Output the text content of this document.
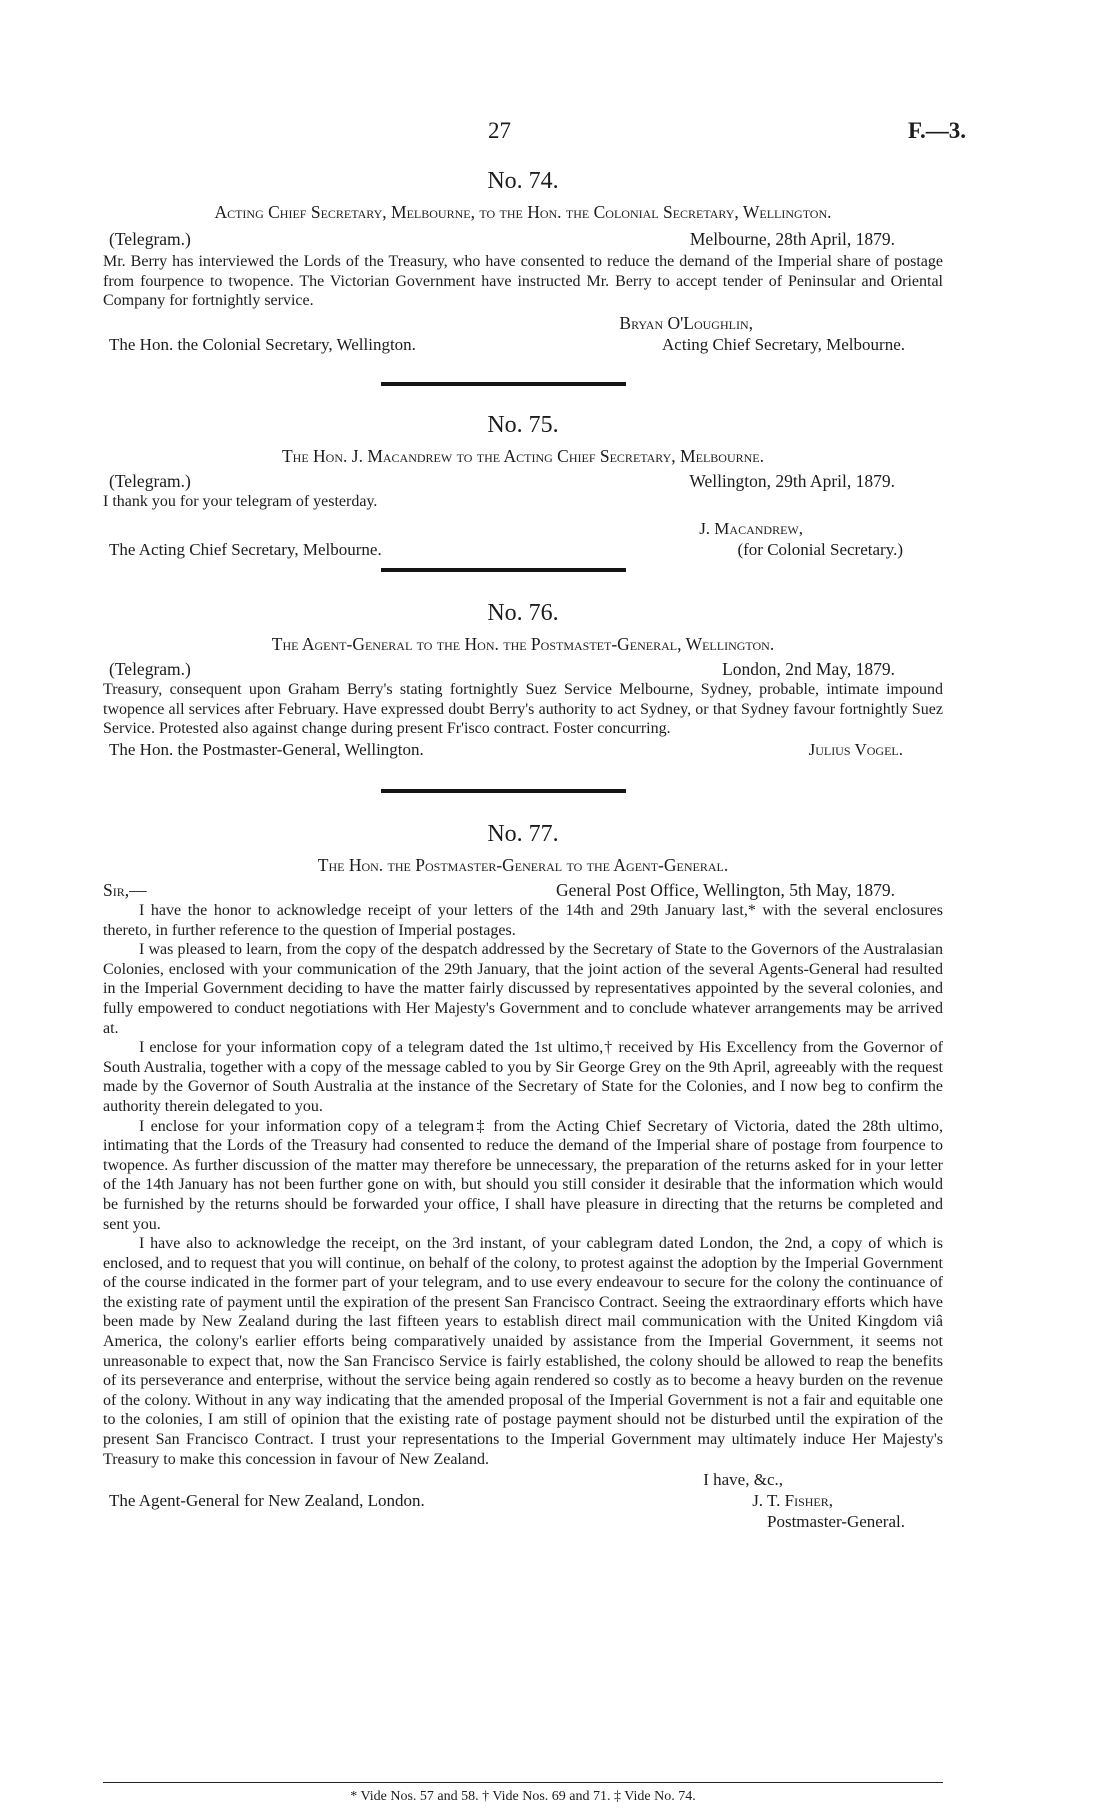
27	F.—3.
No. 74.
Acting Chief Secretary, Melbourne, to the Hon. the Colonial Secretary, Wellington.
(Telegram.)	Melbourne, 28th April, 1879.

Mr. Berry has interviewed the Lords of the Treasury, who have consented to reduce the demand of the Imperial share of postage from fourpence to twopence. The Victorian Government have instructed Mr. Berry to accept tender of Peninsular and Oriental Company for fortnightly service.

Bryan O'Loughlin,
The Hon. the Colonial Secretary, Wellington.	Acting Chief Secretary, Melbourne.
No. 75.
The Hon. J. Macandrew to the Acting Chief Secretary, Melbourne.
(Telegram.)	Wellington, 29th April, 1879.

I thank you for your telegram of yesterday.

J. Macandrew,
The Acting Chief Secretary, Melbourne.	(for Colonial Secretary.)
No. 76.
The Agent-General to the Hon. the Postmastet-General, Wellington.
(Telegram.)	London, 2nd May, 1879.

Treasury, consequent upon Graham Berry's stating fortnightly Suez Service Melbourne, Sydney, probable, intimate impound twopence all services after February. Have expressed doubt Berry's authority to act Sydney, or that Sydney favour fortnightly Suez Service. Protested also against change during present Fr'isco contract. Foster concurring.

The Hon. the Postmaster-General, Wellington.	Julius Vogel.
No. 77.
The Hon. the Postmaster-General to the Agent-General.
Sir,—	General Post Office, Wellington, 5th May, 1879.

I have the honor to acknowledge receipt of your letters of the 14th and 29th January last,* with the several enclosures thereto, in further reference to the question of Imperial postages.

I was pleased to learn, from the copy of the despatch addressed by the Secretary of State to the Governors of the Australasian Colonies, enclosed with your communication of the 29th January, that the joint action of the several Agents-General had resulted in the Imperial Government deciding to have the matter fairly discussed by representatives appointed by the several colonies, and fully empowered to conduct negotiations with Her Majesty's Government and to conclude whatever arrangements may be arrived at.

I enclose for your information copy of a telegram dated the 1st ultimo,† received by His Excellency from the Governor of South Australia, together with a copy of the message cabled to you by Sir George Grey on the 9th April, agreeably with the request made by the Governor of South Australia at the instance of the Secretary of State for the Colonies, and I now beg to confirm the authority therein delegated to you.

I enclose for your information copy of a telegram‡ from the Acting Chief Secretary of Victoria, dated the 28th ultimo, intimating that the Lords of the Treasury had consented to reduce the demand of the Imperial share of postage from fourpence to twopence. As further discussion of the matter may therefore be unnecessary, the preparation of the returns asked for in your letter of the 14th January has not been further gone on with, but should you still consider it desirable that the information which would be furnished by the returns should be forwarded your office, I shall have pleasure in directing that the returns be completed and sent you.

I have also to acknowledge the receipt, on the 3rd instant, of your cablegram dated London, the 2nd, a copy of which is enclosed, and to request that you will continue, on behalf of the colony, to protest against the adoption by the Imperial Government of the course indicated in the former part of your telegram, and to use every endeavour to secure for the colony the continuance of the existing rate of payment until the expiration of the present San Francisco Contract. Seeing the extraordinary efforts which have been made by New Zealand during the last fifteen years to establish direct mail communication with the United Kingdom viâ America, the colony's earlier efforts being comparatively unaided by assistance from the Imperial Government, it seems not unreasonable to expect that, now the San Francisco Service is fairly established, the colony should be allowed to reap the benefits of its perseverance and enterprise, without the service being again rendered so costly as to become a heavy burden on the revenue of the colony. Without in any way indicating that the amended proposal of the Imperial Government is not a fair and equitable one to the colonies, I am still of opinion that the existing rate of postage payment should not be disturbed until the expiration of the present San Francisco Contract. I trust your representations to the Imperial Government may ultimately induce Her Majesty's Treasury to make this concession in favour of New Zealand.

I have, &c.,
The Agent-General for New Zealand, London.	J. T. Fisher,
Postmaster-General.
* Vide Nos. 57 and 58. † Vide Nos. 69 and 71. ‡ Vide No. 74.
